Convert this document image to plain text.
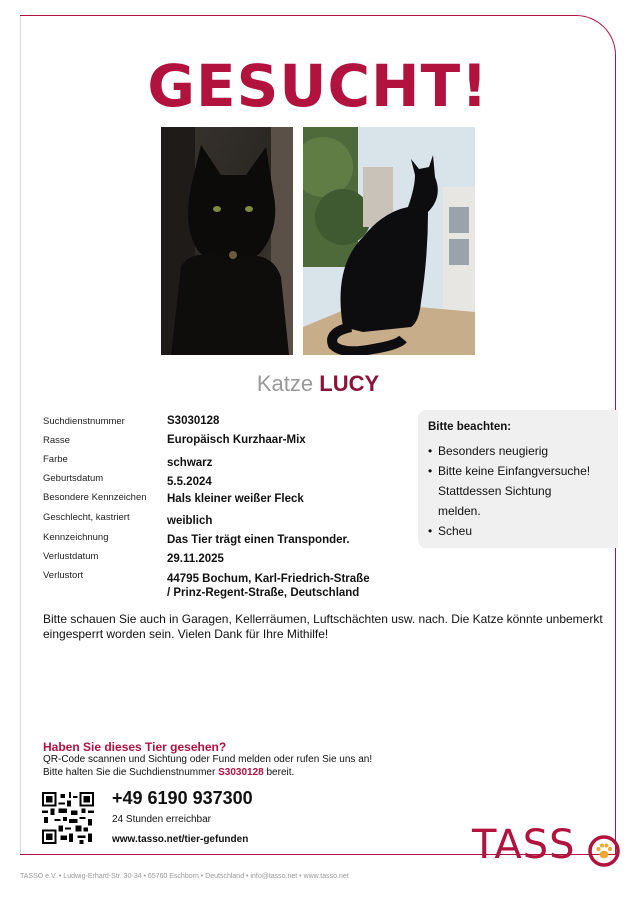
GESUCHT!
Katze LUCY
Suchdienstnummer	S3030128
Rasse	Europäisch Kurzhaar-Mix
Farbe	schwarz
Geburtsdatum	5.5.2024
Besondere Kennzeichen	Hals kleiner weißer Fleck
Geschlecht, kastriert	weiblich
Kennzeichnung	Das Tier trägt einen Transponder.
Verlustdatum	29.11.2025
Verlustort	44795 Bochum, Karl-Friedrich-Straße
/ Prinz-Regent-Straße, Deutschland
Bitte beachten:
• Besonders neugierig
• Bitte keine Einfangversuche!
Stattdessen Sichtung
melden.
• Scheu
Bitte schauen Sie auch in Garagen, Kellerräumen, Luftschächten usw. nach. Die Katze könnte unbemerkt eingesperrt worden sein. Vielen Dank für Ihre Mithilfe!
Haben Sie dieses Tier gesehen?
QR-Code scannen und Sichtung oder Fund melden oder rufen Sie uns an!
Bitte halten Sie die Suchdienstnummer S3030128 bereit.
+49 6190 937300
24 Stunden erreichbar
www.tasso.net/tier-gefunden	TASS
TASSO e.V. • Ludwig-Erhard-Str. 30-34 • 65760 Eschborn • Deutschland • info@tasso.net • www.tasso.net
